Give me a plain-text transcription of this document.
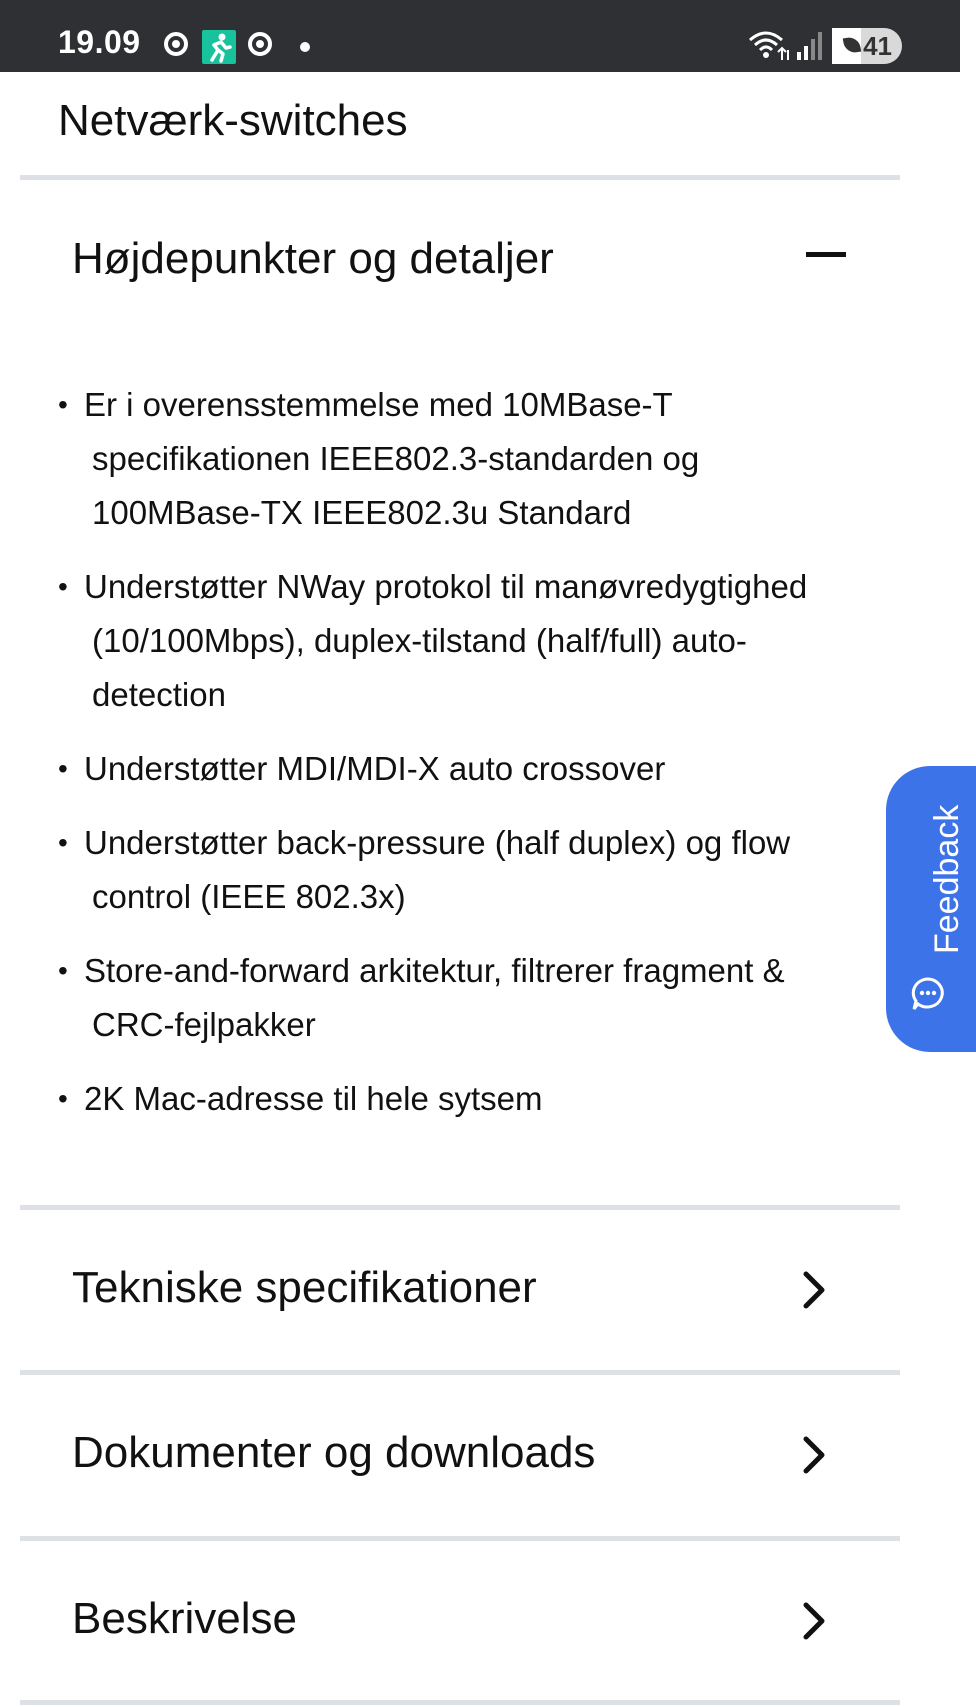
19.09	41
Netværk-switches
Højdepunkter og detaljer
• Er i overensstemmelse med 10MBase-T specifikationen IEEE802.3-standarden og 100MBase-TX IEEE802.3u Standard
• Understøtter NWay protokol til manøvredygtighed (10/100Mbps), duplex-tilstand (half/full) auto-detection
• Understøtter MDI/MDI-X auto crossover
• Understøtter back-pressure (half duplex) og flow control (IEEE 802.3x)
• Store-and-forward arkitektur, filtrerer fragment & CRC-fejlpakker
• 2K Mac-adresse til hele sytsem
Tekniske specifikationer
Dokumenter og downloads
Beskrivelse
Feedback
